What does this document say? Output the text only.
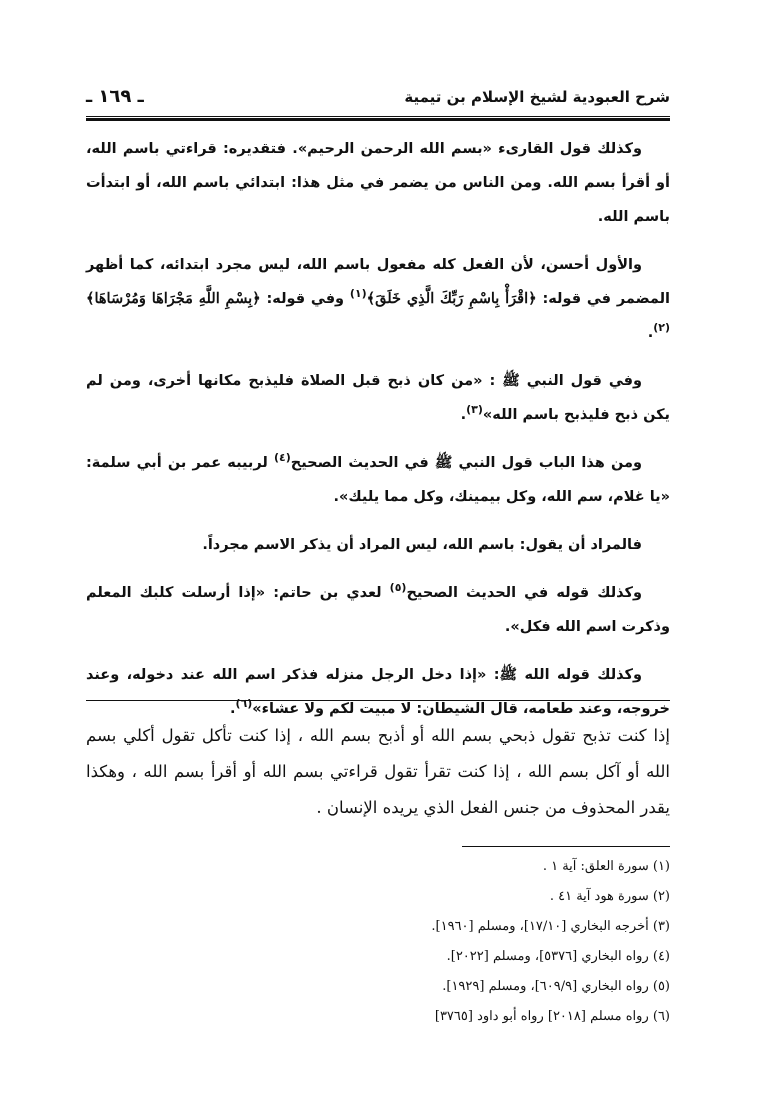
شرح العبودية لشيخ الإسلام بن تيمية
ـ ١٦٩ ـ

وكذلك قول القارىء «بسم الله الرحمن الرحيم». فتقديره: قراءتي باسم الله، أو أقرأ بسم الله. ومن الناس من يضمر في مثل هذا: ابتدائي باسم الله، أو ابتدأت باسم الله.

والأول أحسن، لأن الفعل كله مفعول باسم الله، ليس مجرد ابتدائه، كما أظهر المضمر في قوله: ﴿اقْرَأْ بِاسْمِ رَبِّكَ الَّذِي خَلَقَ﴾$^{(١)}$ وفي قوله: ﴿بِسْمِ اللَّهِ مَجْرَاهَا وَمُرْسَاهَا﴾$^{(٢)}$.

وفي قول النبي ﷺ : «من كان ذبح قبل الصلاة فليذبح مكانها أخرى، ومن لم يكن ذبح فليذبح باسم الله»$^{(٣)}$.

ومن هذا الباب قول النبي ﷺ في الحديث الصحيح$^{(٤)}$ لربيبه عمر بن أبي سلمة: «يا غلام، سم الله، وكل بيمينك، وكل مما يليك».

فالمراد أن يقول: باسم الله، ليس المراد أن يذكر الاسم مجرداً.

وكذلك قوله في الحديث الصحيح$^{(٥)}$ لعدي بن حاتم: «إذا أرسلت كلبك المعلم وذكرت اسم الله فكل».

وكذلك قوله الله ﷺ: «إذا دخل الرجل منزله فذكر اسم الله عند دخوله، وعند خروجه، وعند طعامه، قال الشيطان: لا مبيت لكم ولا عشاء»$^{(٦)}$.

إذا كنت تذبح تقول ذبحي بسم الله أو أذبح بسم الله ، إذا كنت تأكل تقول أكلي بسم الله أو آكل بسم الله ، إذا كنت تقرأ تقول قراءتي بسم الله أو أقرأ بسم الله ، وهكذا يقدر المحذوف من جنس الفعل الذي يريده الإنسان .

(١) سورة العلق: آية ١ .

(٢) سورة هود آية ٤١ .

(٣) أخرجه البخاري [١٧/١٠]، ومسلم [١٩٦٠].

(٤) رواه البخاري [٥٣٧٦]، ومسلم [٢٠٢٢].

(٥) رواه البخاري [٦٠٩/٩]، ومسلم [١٩٢٩].

(٦) رواه مسلم [٢٠١٨] رواه أبو داود [٣٧٦٥]
